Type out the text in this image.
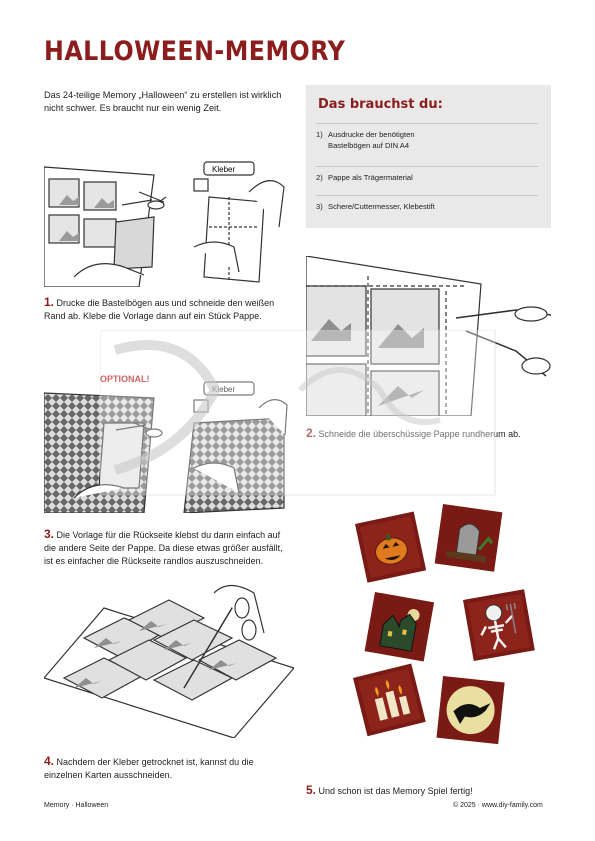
HALLOWEEN-MEMORY
Das 24-teilige Memory „Halloween“ zu erstellen ist wirklich nicht schwer. Es braucht nur ein wenig Zeit.	Das brauchst du:
1) Ausdrucke der benötigten Bastelbögen auf DIN A4
2) Pappe als Trägermaterial
3) Schere/Cuttermesser, Klebestift
Kleber
1. Drucke die Bastelbögen aus und schneide den weißen Rand ab. Klebe die Vorlage dann auf ein Stück Pappe.
2. Schneide die überschüssige Pappe rundherum ab.
OPTIONAL!
Kleber
3. Die Vorlage für die Rückseite klebst du dann einfach auf die andere Seite der Pappe. Da diese etwas größer ausfällt, ist es einfacher die Rückseite randlos auszuschneiden.
4. Nachdem der Kleber getrocknet ist, kannst du die einzelnen Karten ausschneiden.
5. Und schon ist das Memory Spiel fertig!
Memory · Halloween	© 2025 · www.diy-family.com
